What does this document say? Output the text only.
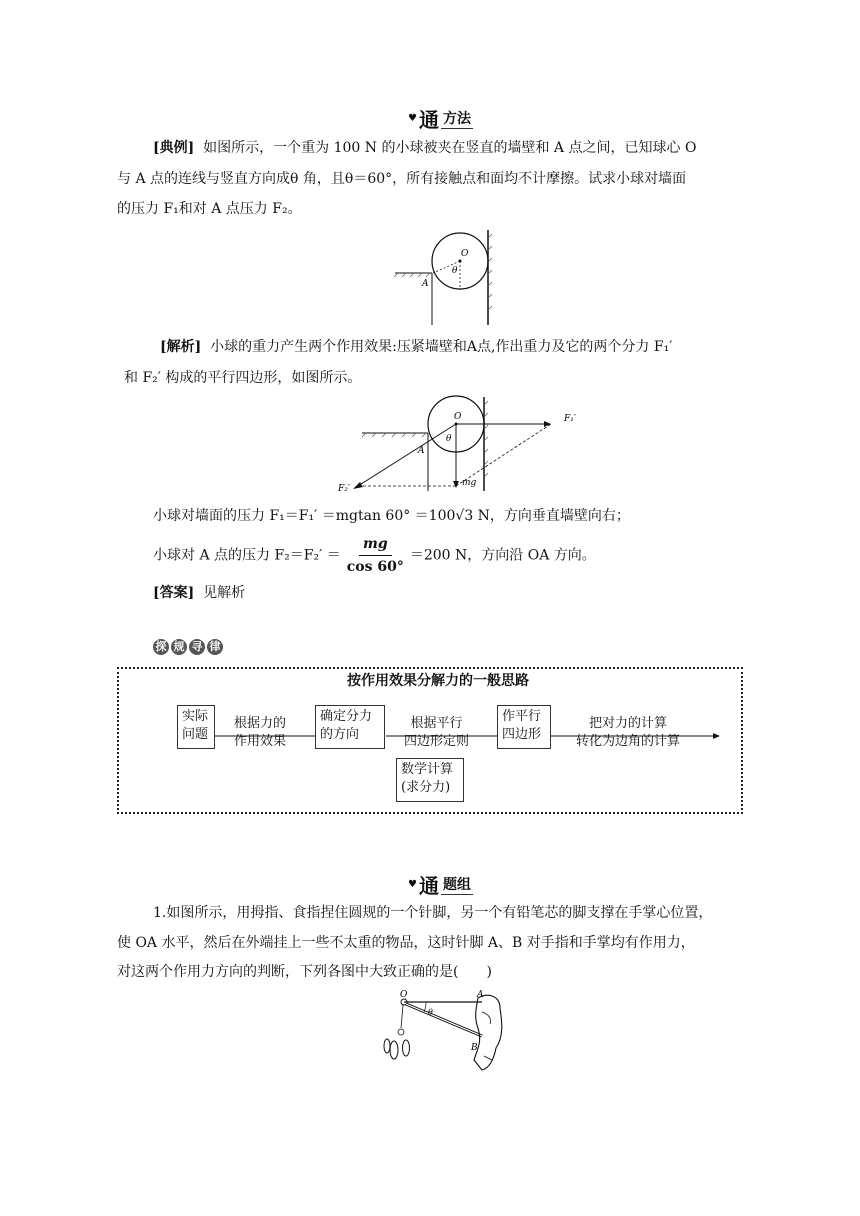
♥ 通 方法
[典例] 如图所示，一个重为 100 N 的小球被夹在竖直的墙壁和 A 点之间，已知球心 O
与 A 点的连线与竖直方向成θ 角，且θ＝60°，所有接触点和面均不计摩擦。试求小球对墙面
的压力 F₁和对 A 点压力 F₂。
O
θ
A
[解析] 小球的重力产生两个作用效果:压紧墙壁和A点,作出重力及它的两个分力 F₁′
和 F₂′ 构成的平行四边形，如图所示。
O
θ
A
F₁′
F₂′
mg
小球对墙面的压力 F₁＝F₁′ ＝mgtan 60° ＝100√3 N，方向垂直墙壁向右；
小球对 A 点的压力 $F_2=F_2' = \frac{mg}{\cos 60^\circ} =200$ N，方向沿 OA 方向。
[答案] 见解析
探 规 寻 律
按作用效果分解力的一般思路
实际
问题
根据力的
作用效果
确定分力
的方向
根据平行
四边形定则
作平行
四边形
把对力的计算
转化为边角的计算
数学计算
(求分力)
♥ 通 题组
1.如图所示，用拇指、食指捏住圆规的一个针脚，另一个有铅笔芯的脚支撑在手掌心位置，
使 OA 水平，然后在外端挂上一些不太重的物品，这时针脚 A、B 对手指和手掌均有作用力，
对这两个作用力方向的判断，下列各图中大致正确的是(　　)
O	A
B
θ
